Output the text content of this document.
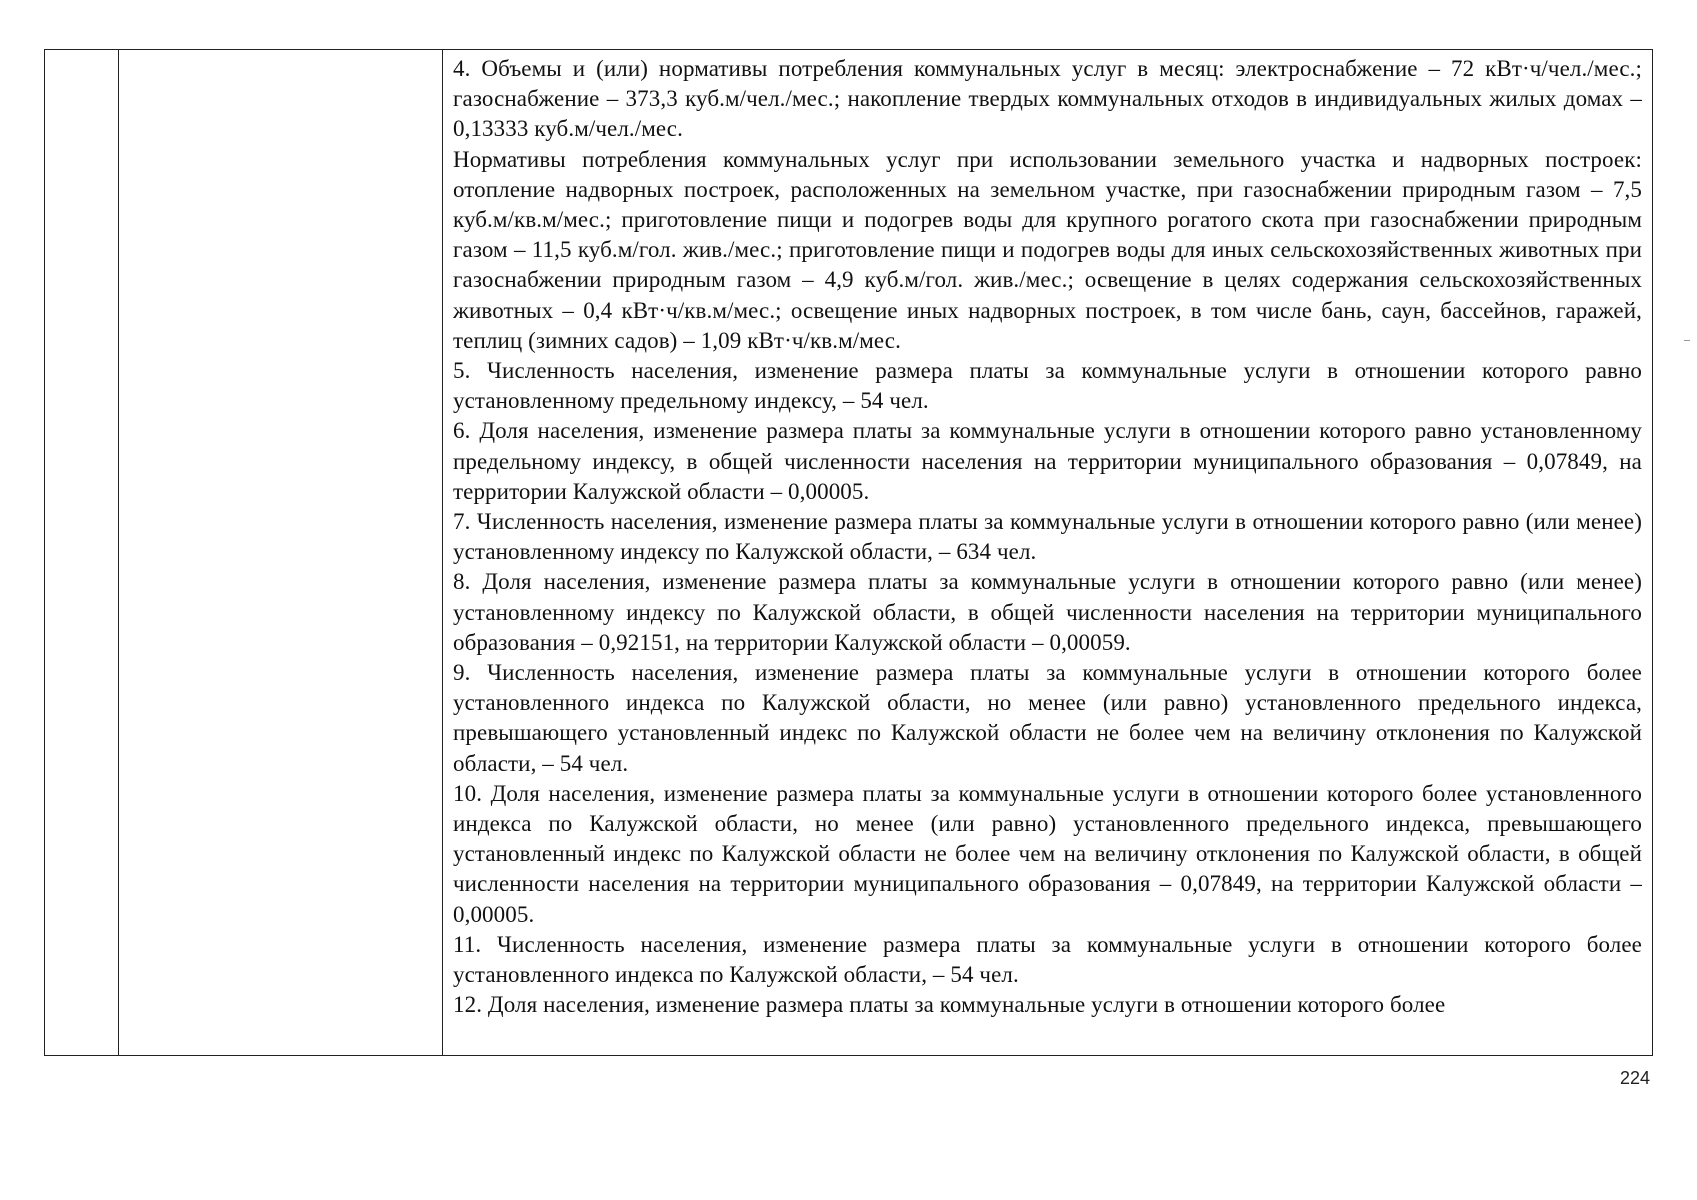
4. Объемы и (или) нормативы потребления коммунальных услуг в месяц: электроснабжение – 72 кВт·ч/чел./мес.; газоснабжение – 373,3 куб.м/чел./мес.; накопление твердых коммунальных отходов в индивидуальных жилых домах – 0,13333 куб.м/чел./мес.

Нормативы потребления коммунальных услуг при использовании земельного участка и надворных построек: отопление надворных построек, расположенных на земельном участке, при газоснабжении природным газом – 7,5 куб.м/кв.м/мес.; приготовление пищи и подогрев воды для крупного рогатого скота при газоснабжении природным газом – 11,5 куб.м/гол. жив./мес.; приготовление пищи и подогрев воды для иных сельскохозяйственных животных при газоснабжении природным газом – 4,9 куб.м/гол. жив./мес.; освещение в целях содержания сельскохозяйственных животных – 0,4 кВт·ч/кв.м/мес.; освещение иных надворных построек, в том числе бань, саун, бассейнов, гаражей, теплиц (зимних садов) – 1,09 кВт·ч/кв.м/мес.

5. Численность населения, изменение размера платы за коммунальные услуги в отношении которого равно установленному предельному индексу, – 54 чел.

6. Доля населения, изменение размера платы за коммунальные услуги в отношении которого равно установленному предельному индексу, в общей численности населения на территории муниципального образования – 0,07849, на территории Калужской области – 0,00005.

7. Численность населения, изменение размера платы за коммунальные услуги в отношении которого равно (или менее) установленному индексу по Калужской области, – 634 чел.

8. Доля населения, изменение размера платы за коммунальные услуги в отношении которого равно (или менее) установленному индексу по Калужской области, в общей численности населения на территории муниципального образования – 0,92151, на территории Калужской области – 0,00059.

9. Численность населения, изменение размера платы за коммунальные услуги в отношении которого более установленного индекса по Калужской области, но менее (или равно) установленного предельного индекса, превышающего установленный индекс по Калужской области не более чем на величину отклонения по Калужской области, – 54 чел.

10. Доля населения, изменение размера платы за коммунальные услуги в отношении которого более установленного индекса по Калужской области, но менее (или равно) установленного предельного индекса, превышающего установленный индекс по Калужской области не более чем на величину отклонения по Калужской области, в общей численности населения на территории муниципального образования – 0,07849, на территории Калужской области – 0,00005.

11. Численность населения, изменение размера платы за коммунальные услуги в отношении которого более установленного индекса по Калужской области, – 54 чел.

12. Доля населения, изменение размера платы за коммунальные услуги в отношении которого более

224
